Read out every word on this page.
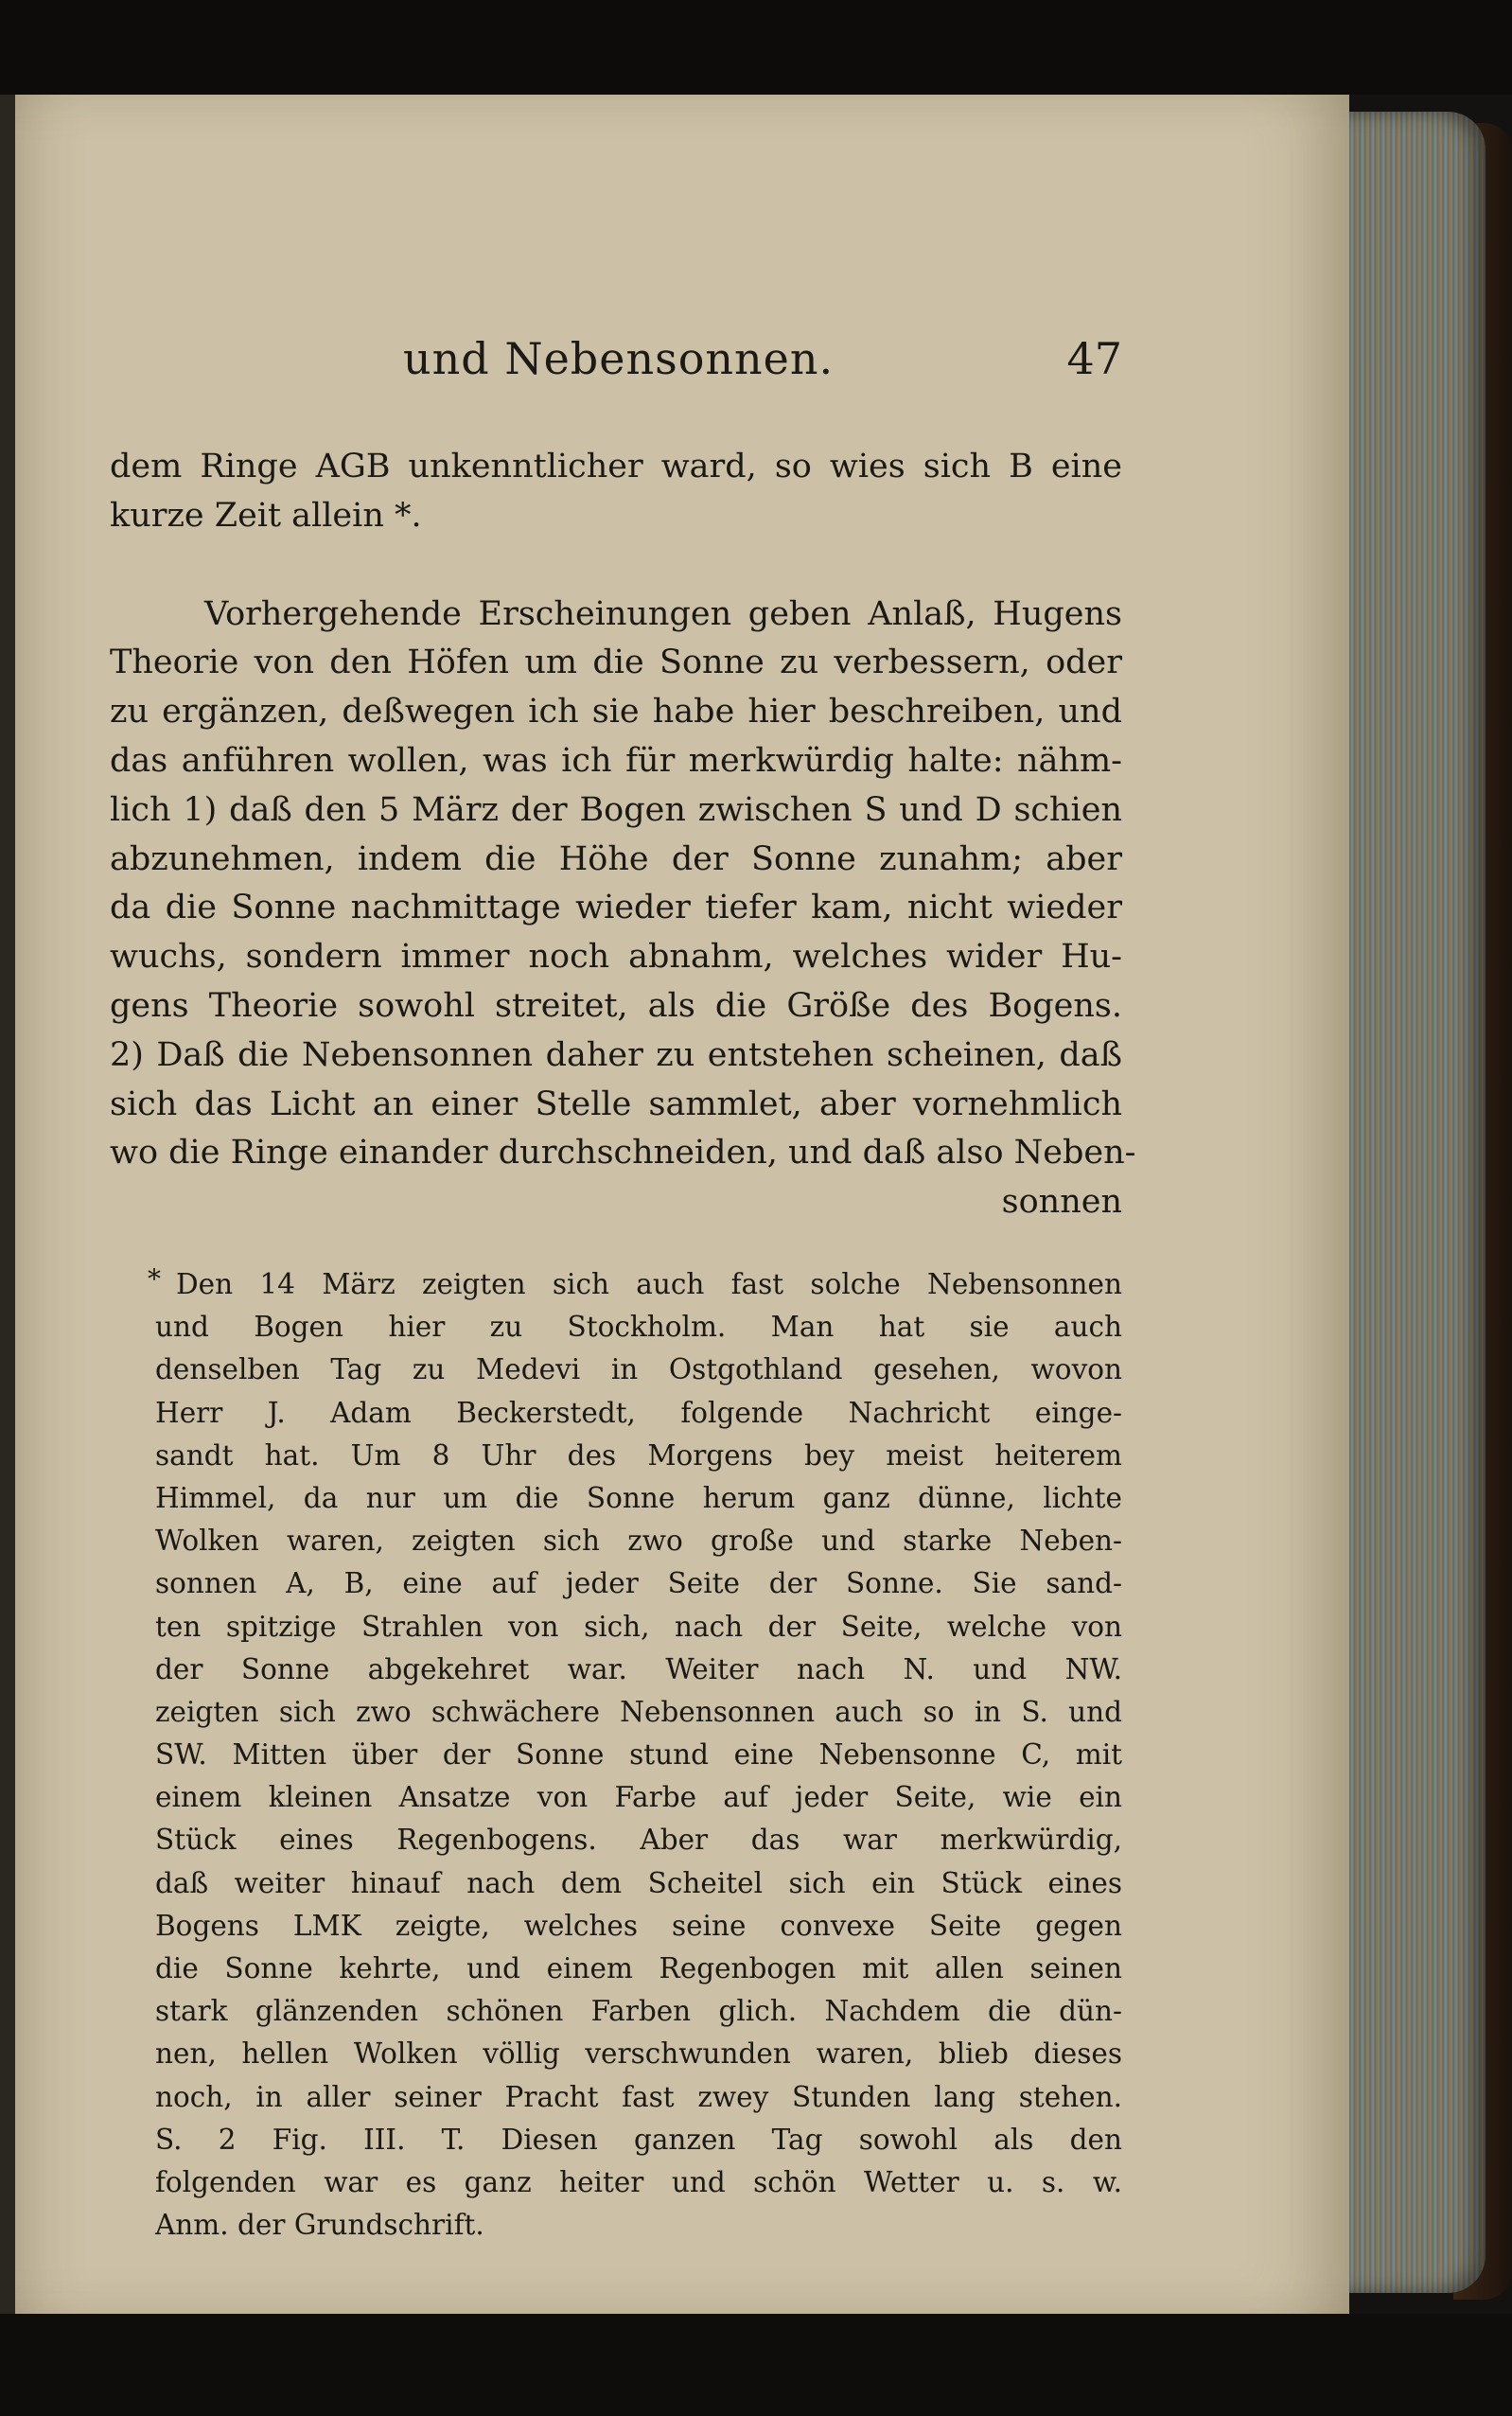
und Nebensonnen.	47
dem Ringe AGB unkenntlicher ward, so wies sich B eine
kurze Zeit allein *.
Vorhergehende Erscheinungen geben Anlaß, Hugens
Theorie von den Höfen um die Sonne zu verbessern, oder
zu ergänzen, deßwegen ich sie habe hier beschreiben, und
das anführen wollen, was ich für merkwürdig halte: nähm-
lich 1) daß den 5 März der Bogen zwischen S und D schien
abzunehmen, indem die Höhe der Sonne zunahm; aber
da die Sonne nachmittage wieder tiefer kam, nicht wieder
wuchs, sondern immer noch abnahm, welches wider Hu-
gens Theorie sowohl streitet, als die Größe des Bogens.
2) Daß die Nebensonnen daher zu entstehen scheinen, daß
sich das Licht an einer Stelle sammlet, aber vornehmlich
wo die Ringe einander durchschneiden, und daß also Neben-
sonnen
* Den 14 März zeigten sich auch fast solche Nebensonnen
und Bogen hier zu Stockholm. Man hat sie auch
denselben Tag zu Medevi in Ostgothland gesehen, wovon
Herr J. Adam Beckerstedt, folgende Nachricht einge-
sandt hat. Um 8 Uhr des Morgens bey meist heiterem
Himmel, da nur um die Sonne herum ganz dünne, lichte
Wolken waren, zeigten sich zwo große und starke Neben-
sonnen A, B, eine auf jeder Seite der Sonne. Sie sand-
ten spitzige Strahlen von sich, nach der Seite, welche von
der Sonne abgekehret war. Weiter nach N. und NW.
zeigten sich zwo schwächere Nebensonnen auch so in S. und
SW. Mitten über der Sonne stund eine Nebensonne C, mit
einem kleinen Ansatze von Farbe auf jeder Seite, wie ein
Stück eines Regenbogens. Aber das war merkwürdig,
daß weiter hinauf nach dem Scheitel sich ein Stück eines
Bogens LMK zeigte, welches seine convexe Seite gegen
die Sonne kehrte, und einem Regenbogen mit allen seinen
stark glänzenden schönen Farben glich. Nachdem die dün-
nen, hellen Wolken völlig verschwunden waren, blieb dieses
noch, in aller seiner Pracht fast zwey Stunden lang stehen.
S. 2 Fig. III. T. Diesen ganzen Tag sowohl als den
folgenden war es ganz heiter und schön Wetter u. s. w.
Anm. der Grundschrift.
